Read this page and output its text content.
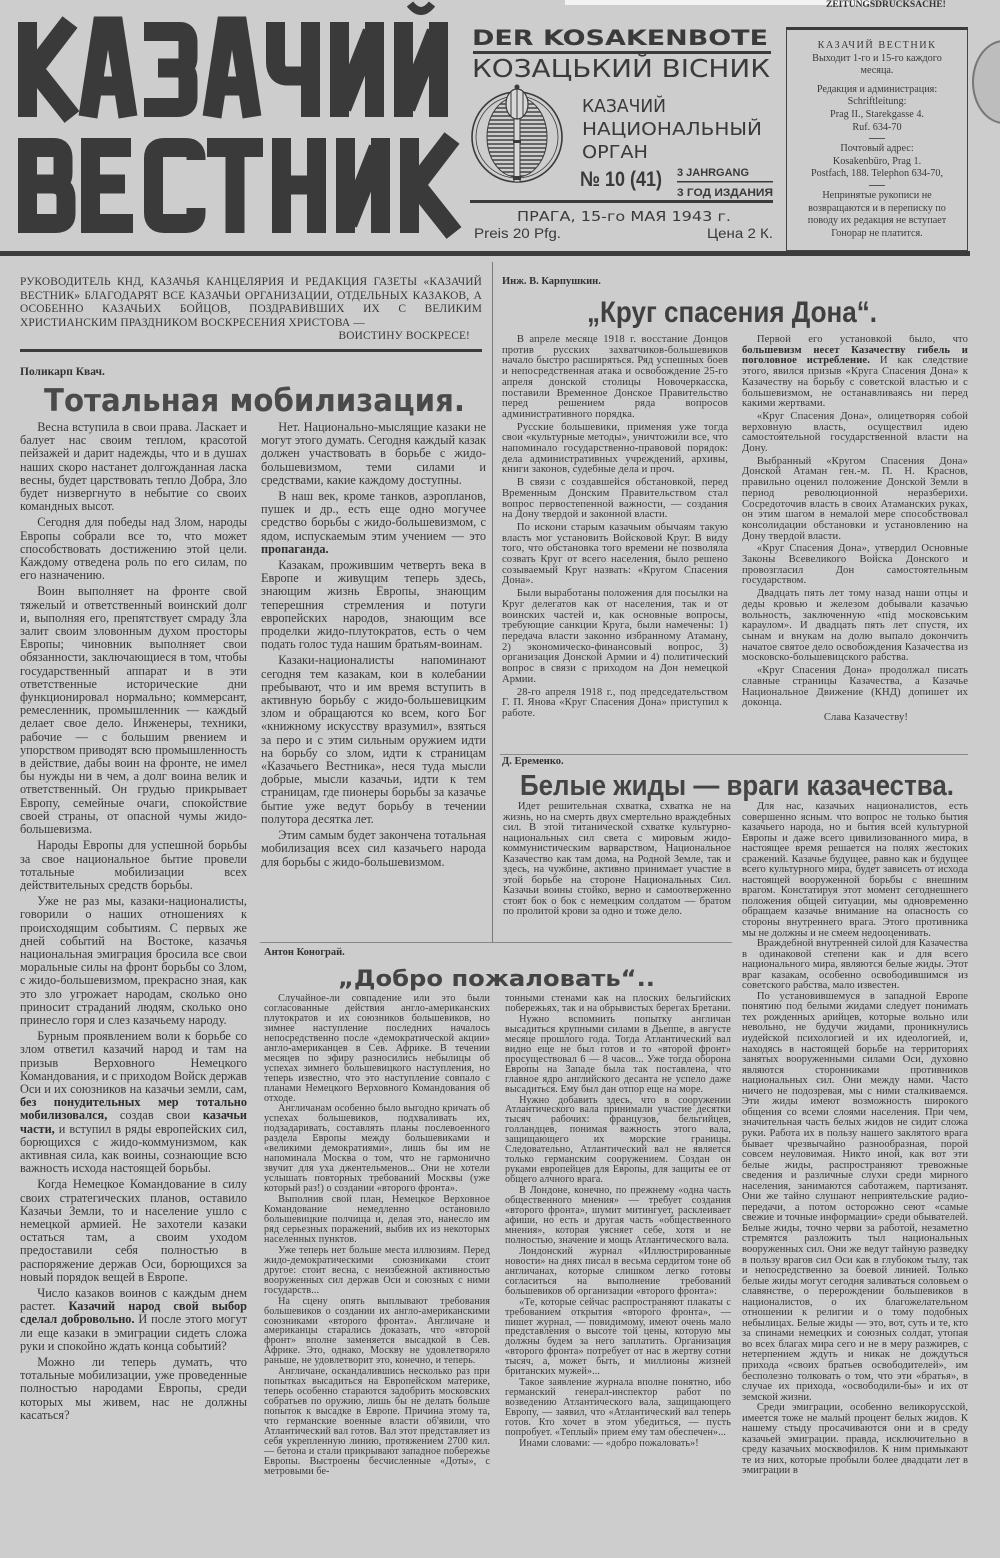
ZEITUNGSDRUCKSACHE!
DER KOSAKENBOTE
КОЗАЦЬКИЙ ВІСНИК
КАЗАЧИЙ
НАЦИОНАЛЬНЫЙ
ОРГАН
№ 10 (41) 3 JAHRGANG
3 ГОД ИЗДАНИЯ
ПРАГА, 15-го МАЯ 1943 г.
Preis 20 Pfg.	Цена 2 К.
КАЗАЧИЙ ВЕСТНИК
Выходит 1-го и 15-го каждого месяца.
Редакция и администрация:
Schriftleitung:
Prag II., Starekgasse 4.
Ruf. 634-70
Почтовый адрес:
Kosakenbüro, Prag 1.
Postfach, 188. Telephon 634-70,
Непринятые рукописи не возвращаются и в переписку по поводу их редакция не вступает Гонорар не платится.
РУКОВОДИТЕЛЬ КНД, КАЗАЧЬЯ КАНЦЕЛЯРИЯ И РЕДАКЦИЯ ГАЗЕТЫ «КАЗАЧИЙ ВЕСТНИК» БЛАГОДАРЯТ ВСЕ КАЗАЧЬИ ОРГАНИЗАЦИИ, ОТДЕЛЬНЫХ КАЗАКОВ, А ОСОБЕННО КАЗАЧЬИХ БОЙЦОВ, ПОЗДРАВИВШИХ ИХ С ВЕЛИКИМ ХРИСТИАНСКИМ ПРАЗДНИКОМ ВОСКРЕСЕНИЯ ХРИСТОВА —
ВОИСТИНУ ВОСКРЕСЕ!
Поликарп Квач.
Тотальная мобилизация.

Весна вступила в свои права. Ласкает и балует нас своим теплом, красотой пейзажей и дарит надежды, что и в душах наших скоро настанет долгожданная ласка весны, будет царствовать тепло Добра, Зло будет низвергнуто в небытие со своих командных высот.

Сегодня для победы над Злом, народы Европы собрали все то, что может способствовать достижению этой цели. Каждому отведена роль по его силам, по его назначению.

Воин выполняет на фронте свой тяжелый и ответственный воинский долг и, выполняя его, препятствует смраду Зла залит своим зловонным духом просторы Европы; чиновник выполняет свои обязанности, заключающиеся в том, чтобы государственный аппарат и в эти ответственные исторические дни функционировал нормально; коммерсант, ремесленник, промышленник — каждый делает свое дело. Инженеры, техники, рабочие — с большим рвением и упорством приводят всю промышленность в действие, дабы воин на фронте, не имел бы нужды ни в чем, а долг воина велик и ответственный. Он грудью прикрывает Европу, семейные очаги, спокойствие своей страны, от опасной чумы жидо-большевизма.

Народы Европы для успешной борьбы за свое национальное бытие провели тотальные мобилизации всех действительных средств борьбы.

Уже не раз мы, казаки-националисты, говорили о наших отношениях к происходящим событиям. С первых же дней событий на Востоке, казачья национальная эмиграция бросила все свои моральные силы на фронт борьбы со Злом, с жидо-большевизмом, прекрасно зная, как это зло угрожает народам, сколько оно приносит страданий людям, сколько оно принесло горя и слез казачьему народу.

Бурным проявлением воли к борьбе со злом ответил казачий народ и там на призыв Верховного Немецкого Командования, и с приходом Войск держав Оси и их союзников на казачьи земли, сам, без понудительных мер тотально мобилизовался, создав свои казачьи части, и вступил в ряды европейских сил, борющихся с жидо-коммунизмом, как активная сила, как воины, сознающие всю важность исхода настоящей борьбы.

Когда Немецкое Командование в силу своих стратегических планов, оставило Казачьи Земли, то и население ушло с немецкой армией. Не захотели казаки остаться там, а своим уходом предоставили себя полностью в распоряжение держав Оси, борющихся за новый порядок вещей в Европе.

Число казаков воинов с каждым днем растет. Казачий народ свой выбор сделал добровольно. И после этого могут ли еще казаки в эмиграции сидеть сложа руки и спокойно ждать конца событий?

Можно ли теперь думать, что тотальные мобилизации, уже проведенные полностью народами Европы, среди которых мы живем, нас не должны касаться?

Нет. Национально-мыслящие казаки не могут этого думать. Сегодня каждый казак должен участвовать в борьбе с жидо-большевизмом, теми силами и средствами, какие каждому доступны.

В наш век, кроме танков, аэропланов, пушек и др., есть еще одно могучее средство борьбы с жидо-большевизмом, с ядом, испускаемым этим учением — это пропаганда.

Казакам, прожившим четверть века в Европе и живущим теперь здесь, знающим жизнь Европы, знающим теперешния стремления и потуги европейских народов, знающим все проделки жидо-плутократов, есть о чем подать голос туда нашим братьям-воинам.

Казаки-националисты напоминают сегодня тем казакам, кои в колебании пребывают, что и им время вступить в активную борьбу с жидо-большевицким злом и обращаются ко всем, кого Бог «книжному искусству вразумил», взяться за перо и с этим сильным оружием идти на борьбу со злом, идти к страницам «Казачьего Вестника», неся туда мысли добрые, мысли казачьи, идти к тем страницам, где пионеры борьбы за казачье бытие уже ведут борьбу в течении полутора десятка лет.

Этим самым будет закончена тотальная мобилизация всех сил казачьего народа для борьбы с жидо-большевизмом.

Инж. В. Карпушкин.
„Круг спасения Дона“.

В апреле месяце 1918 г. восстание Донцов против русских захватчиков-большевиков начало быстро расширяться. Ряд успешных боев и непосредственная атака и освобождение 25-го апреля донской столицы Новочеркасска, поставили Временное Донское Правительство перед решением ряда вопросов административного порядка.

Русские большевики, применяя уже тогда свои «культурные методы», уничтожили все, что напоминало государственно-правовой порядок: дела административных учреждений, архивы, книги законов, судебные дела и проч.

В связи с создавшейся обстановкой, перед Временным Донским Правительством стал вопрос первостепенной важности, — создания на Дону твердой и законной власти.

По искони старым казачьим обычаям такую власть мог установить Войсковой Круг. В виду того, что обстановка того времени не позволяла созвать Круг от всего населения, было решено созываемый Круг назвать: «Кругом Спасения Дона».

Были выработаны положения для посылки на Круг делегатов как от населения, так и от воинских частей и, как основные вопросы, требующие санкции Круга, были намечены: 1) передача власти законно избранному Атаману, 2) экономическо-финансовый вопрос, 3) организация Донской Армии и 4) политический вопрос в связи с приходом на Дон немецкой Армии.

28-го апреля 1918 г., под председательством Г. П. Янова «Круг Спасения Дона» приступил к работе.

Первой его установкой было, что большевизм несет Казачеству гибель и поголовное истребление. И как следствие этого, явился призыв «Круга Спасения Дона» к Казачеству на борьбу с советской властью и с большевизмом, не останавливаясь ни перед какими жертвами.

«Круг Спасения Дона», олицетворяя собой верховную власть, осуществил идею самостоятельной государственной власти на Дону.

Выбранный «Кругом Спасения Дона» Донской Атаман ген.-м. П. Н. Краснов, правильно оценил положение Донской Земли в период революционной неразберихи. Сосредоточив власть в своих Атаманских руках, он этим шагом в немалой мере способствовал консолидации обстановки и установлению на Дону твердой власти.

«Круг Спасения Дона», утвердил Основные Законы Всевеликого Войска Донского и провозгласил Дон самостоятельным государством.

Двадцать пять лет тому назад наши отцы и деды кровью и железом добывали казачью вольность, заключенную «під московським караулом». И двадцать пять лет спустя, их сынам и внукам на долю выпало докончить начатое святое дело освобождения Казачества из московско-большевицского рабства.

«Круг Спасения Дона» продолжал писать славные страницы Казачества, а Казачье Национальное Движение (КНД) допишет их доконца.

Слава Казачеству!
Д. Еременко.
Белые жиды — враги казачества.

Идет решительная схватка, схватка не на жизнь, но на смерть двух смертельно враждебных сил. В этой титанической схватке культурно-национальных сил света с мировым жидо-коммунистическим варварством, Национальное Казачество как там дома, на Родной Земле, так и здесь, на чужбине, активно принимает участие в этой борьбе на стороне Национальных Сил. Казачьи воины стойко, верно и самоотверженно стоят бок о бок с немецким солдатом — братом по пролитой крови за одно и тоже дело.

Для нас, казачьих националистов, есть совершенно ясным. что вопрос не только бытия казачьего народа, но и бытия всей культурной Европы и даже всего цивилизованного мира, в настоящее время решается на полях жестоких сражений. Казачье будущее, равно как и будущее всего культурного мира, будет зависеть от исхода настоящей вооруженной борьбы с внешним врагом. Констатируя этот момент сегоднешнего положения общей ситуации, мы одновременно обращаем казачье внимание на опасность со стороны внутреннего врага. Этого противника мы не должны и не смеем недооценивать.

Враждебной внутренней силой для Казачества в одинаковой степени как и для всего национального мира, являются белые жиды. Этот враг казакам, особенно освободившимся из советского рабства, мало известен.

По установившемуся в западной Европе понятию под белыми жидами следует понимать тех рожденных арийцев, которые вольно или невольно, не будучи жидами, проникнулись иудейской психологией и их идеологией, и, находясь в настоящей борьбе на территориях занятых вооруженными силами Оси, духовно являются сторонниками противников национальных сил. Они между нами. Часто ничего не подозревая, мы с ними сталкиваемся. Эти жиды имеют возможность широкого общения со всеми слоями населения. При чем, значительная часть белых жидов не сидит сложа руки. Работа их в пользу нашего заклятого врага бывает чрезвычайно разнообразная, порой совсем неуловимая. Никто иной, как вот эти белые жиды, распространяют тревожные сведения и различные слухи среди мирного населения, занимаются саботажем, партизанят. Они же тайно слушают неприятельские радио-передачи, а потом осторожно сеют «самые свежие и точные информации» среди обывателей. Белые жиды, точно черви за работой, незаметно стремятся разложить тыл национальных вооруженных сил. Они же ведут тайную разведку в пользу врагов сил Оси как в глубоком тылу, так и непосредственно за боевой линией. Только белые жиды могут сегодня заливаться соловьем о славянстве, о перерождении большевиков в националистов, о их благожелательном отношении к религии и о тому подобных небылицах. Белые жиды — это, вот, суть и те, кто за спинами немецких и союзных солдат, утопая во всех благах мира сего и не в меру разжирев, с нетерпением ждуть и никак не дождуться прихода «своих братьев освободителей», им бесполезно толковать о том, что эти «братья», в случае их прихода, «освободили-бы» и их от земской жизни.

Среди эмиграции, особенно великорусской, имеется тоже не малый процент белых жидов. К нашему стыду просачиваются они и в среду казачьей эмиграции. правда, исключительно в среду казачьих москвофилов. К ним примыкают те из них, которые пробыли более двадцати лет в эмиграции в

Антон Конограй.
„Добро пожаловать“..

Случайное-ли совпадение или это были согласованные действия англо-американских плутократов и их союзников большевиков, но зимнее наступление последних началось непосредственно после «демократической акции» англо-американцев в Сев. Африке. В течении месяцев по эфиру разносились небылицы об успехах зимнего большевицкого наступления, но теперь известно, что это наступление совпало с планами Немецкого Верховного Командования об отходе.

Англичанам особенно было выгодно кричать об успехах большевиков, подхваливать их, подзадаривать, составлять планы послевоенного раздела Европы между большевиками и «великими демократиями», лишь бы им не напоминала Москва о том, что не гармонично звучит для уха джентельменов... Они не хотели услышать повторных требований Москвы (уже который раз!) о создании «второго фронта».

Выполнив свой план, Немецкое Верховное Командование немедленно остановило большевицкие полчища и, делая это, нанесло им ряд серьезных поражений, выбив их из некоторых населенных пунктов.

Уже теперь нет больше места иллюзиям. Перед жидо-демократическими союзниками стоит другое: стоит весна, с неизбежной активностью вооруженных сил держав Оси и союзных с ними государств...

На сцену опять выплывают требования большевиков о создании их англо-американскими союзниками «второго фронта». Англичане и американцы старались доказать, что «второй фронт» вполне заменяется высадкой в Сев. Африке. Это, однако, Москву не удовлетворяло раньше, не удовлетворит это, конечно, и теперь.

Англичане, оскандалившись несколько раз при попытках высадиться на Европейском материке, теперь особенно стараются задобрить московских собратьев по оружию, лишь бы не делать больше попыток к высадке в Европе. Причина этому та, что германские военные власти об'явили, что Атлантический вал готов. Вал этот представляет из себя укрепленную линию, протяжением 2700 кил. — бетона и стали прикрывают западное побережье Европы. Выстроены бесчисленные «Доты», с метровыми бе-

тонными стенами как на плоских бельгийских побережьях, так и на обрывистых берегах Бретани.

Нужно вспомнить попытку англичан высадиться крупными силами в Дьеппе, в августе месяце прошлого года. Тогда Атлантический вал видно еще не был готов и то «второй фронт» просуществовал 6 — 8 часов... Уже тогда оборона Европы на Западе была так поставлена, что главное ядро английского десанта не успело даже высадиться. Ему был дан отпор еще на море.

Нужно добавить здесь, что в сооружении Атлантического вала принимали участие десятки тысяч рабочих: французов, бельгийцев, голландцев, понимая важность этого вала, защищающего их морские границы. Следовательно, Атлантический вал не является только германским сооружением. Создан он руками европейцев для Европы, для защиты ее от общего алчного врага.

В Лондоне, конечно, по прежнему «одна часть общественного мнения» — требует создания «второго фронта», шумит митингует, расклеивает афиши, но есть и другая часть «общественного мнения», которая уясняет себе, хотя и не полностью, значение и мощь Атлантического вала.

Лондонский журнал «Иллюстрированные новости» на днях писал в весьма сердитом тоне об англичанах, которые слишком легко готовы согласиться на выполнение требований большевиков об организации «второго фронта»:

«Те, которые сейчас распространяют плакаты с требованием открытия «второго фронта», — пишет журнал, — повидимому, имеют очень мало представления о высоте той цены, которую мы должны будем за него заплатить. Организация «второго фронта» потребует от нас в жертву сотни тысяч, а, может быть, и миллионы жизней британских мужей»...

Такое заявление журнала вполне понятно, ибо германский генерал-инспектор работ по возведению Атлантического вала, защищающего Европу, — заявил, что «Атлантический вал теперь готов. Кто хочет в этом убедиться, — пусть попробует. «Теплый» прием ему там обеспечен»...

Инами словами: — «добро пожаловать»!
